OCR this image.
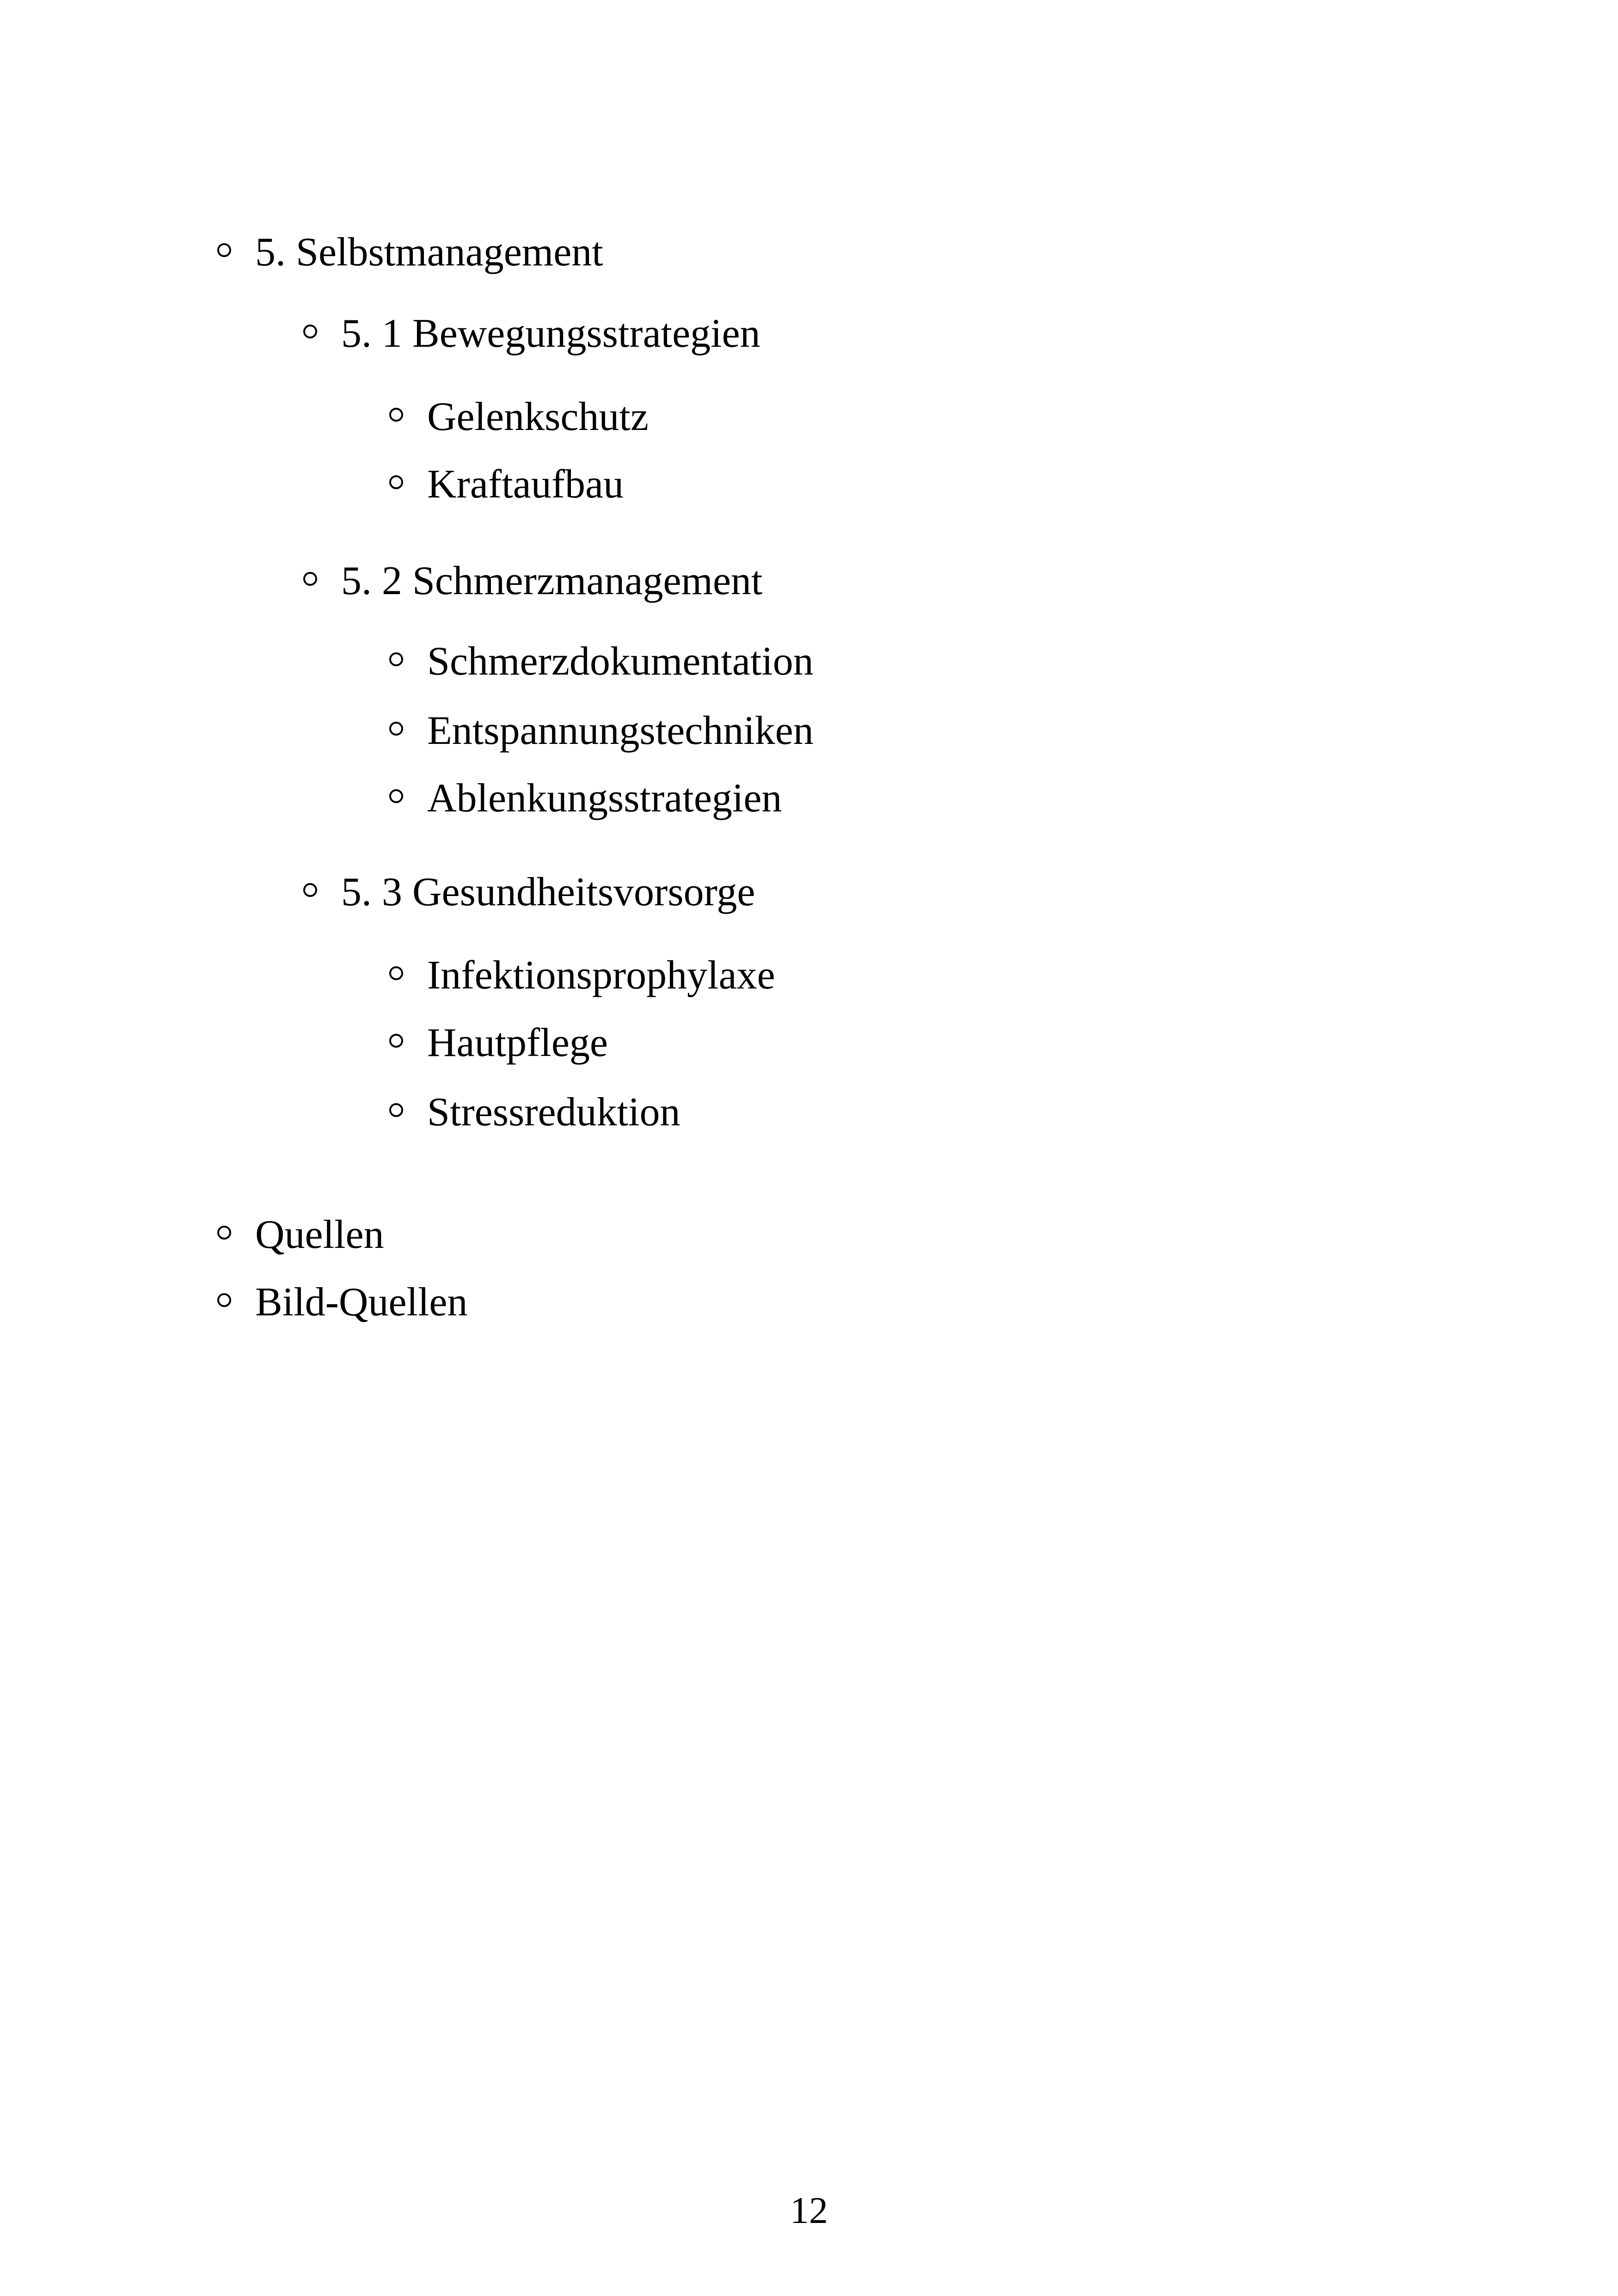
5. Selbstmanagement
5. 1 Bewegungsstrategien
Gelenkschutz
Kraftaufbau
5. 2 Schmerzmanagement
Schmerzdokumentation
Entspannungstechniken
Ablenkungsstrategien
5. 3 Gesundheitsvorsorge
Infektionsprophylaxe
Hautpflege
Stressreduktion
Quellen
Bild-Quellen
12
